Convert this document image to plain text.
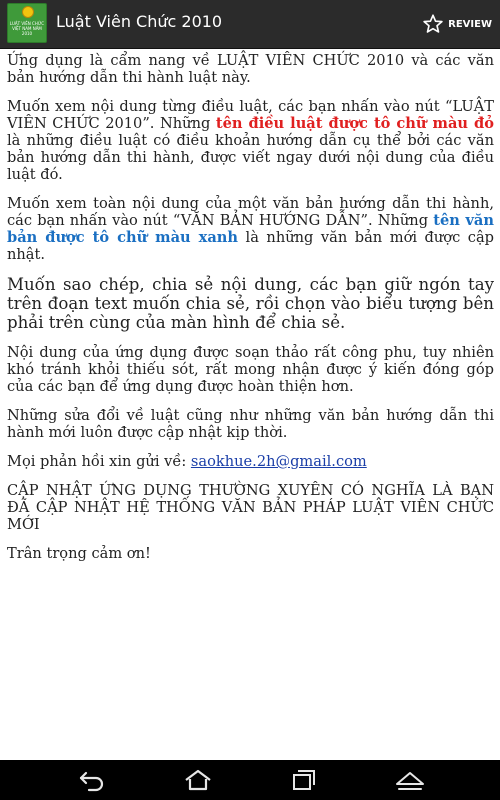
LUẬT VIÊN CHỨC VIỆT NAM NĂM 2010
Luật Viên Chức 2010	REVIEW

Ứng dụng là cẩm nang về LUẬT VIÊN CHỨC 2010 và các văn bản hướng dẫn thi hành luật này.

Muốn xem nội dung từng điều luật, các bạn nhấn vào nút “LUẬT VIÊN CHỨC 2010”. Những tên điều luật được tô chữ màu đỏ là những điều luật có điều khoản hướng dẫn cụ thể bởi các văn bản hướng dẫn thi hành, được viết ngay dưới nội dung của điều luật đó.

Muốn xem toàn nội dung của một văn bản hướng dẫn thi hành, các bạn nhấn vào nút “VĂN BẢN HƯỚNG DẪN”. Những tên văn bản được tô chữ màu xanh là những văn bản mới được cập nhật.

Muốn sao chép, chia sẻ nội dung, các bạn giữ ngón tay trên đoạn text muốn chia sẻ, rồi chọn vào biểu tượng bên phải trên cùng của màn hình để chia sẻ.

Nội dung của ứng dụng được soạn thảo rất công phu, tuy nhiên khó tránh khỏi thiếu sót, rất mong nhận được ý kiến đóng góp của các bạn để ứng dụng được hoàn thiện hơn.

Những sửa đổi về luật cũng như những văn bản hướng dẫn thi hành mới luôn được cập nhật kịp thời.

Mọi phản hồi xin gửi về: saokhue.2h@gmail.com

CẬP NHẬT ỨNG DỤNG THƯỜNG XUYÊN CÓ NGHĨA LÀ BẠN ĐÃ CẬP NHẬT HỆ THỐNG VĂN BẢN PHÁP LUẬT VIÊN CHỨC MỚI

Trân trọng cảm ơn!
